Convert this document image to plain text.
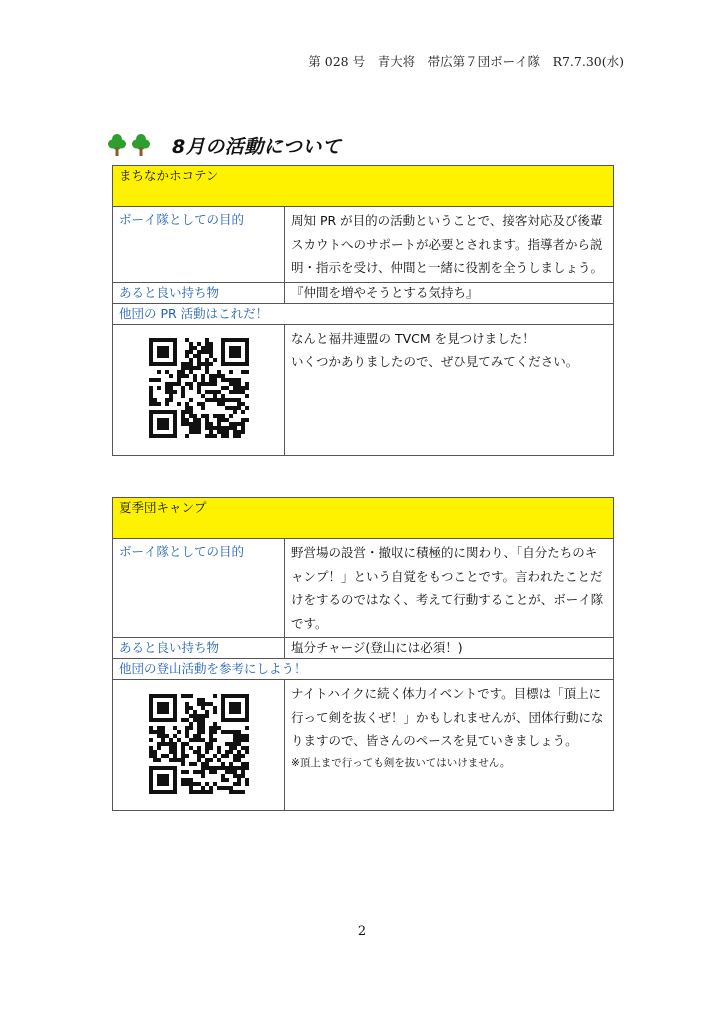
第 028 号　青大将　帯広第７団ボーイ隊　R7.7.30(水)
8月の活動について
まちなかホコテン	
ボーイ隊としての目的	周知 PR が目的の活動ということで、接客対応及び後輩スカウトへのサポートが必要とされます。指導者から説明・指示を受け、仲間と一緒に役割を全うしましょう。
あると良い持ち物	『仲間を増やそうとする気持ち』
他団の PR 活動はこれだ！	
	なんと福井連盟の TVCM を見つけました！
いくつかありましたので、ぜひ見てみてください。
夏季団キャンプ	
ボーイ隊としての目的	野営場の設営・撤収に積極的に関わり、「自分たちのキャンプ！」という自覚をもつことです。言われたことだけをするのではなく、考えて行動することが、ボーイ隊です。
あると良い持ち物	塩分チャージ(登山には必須！)
他団の登山活動を参考にしよう！	

ナイトハイクに続く体力イベントです。目標は「頂上に行って剣を抜くぜ！」かもしれませんが、団体行動になりますので、皆さんのペースを見ていきましょう。
※頂上まで行っても剣を抜いてはいけません。
2
